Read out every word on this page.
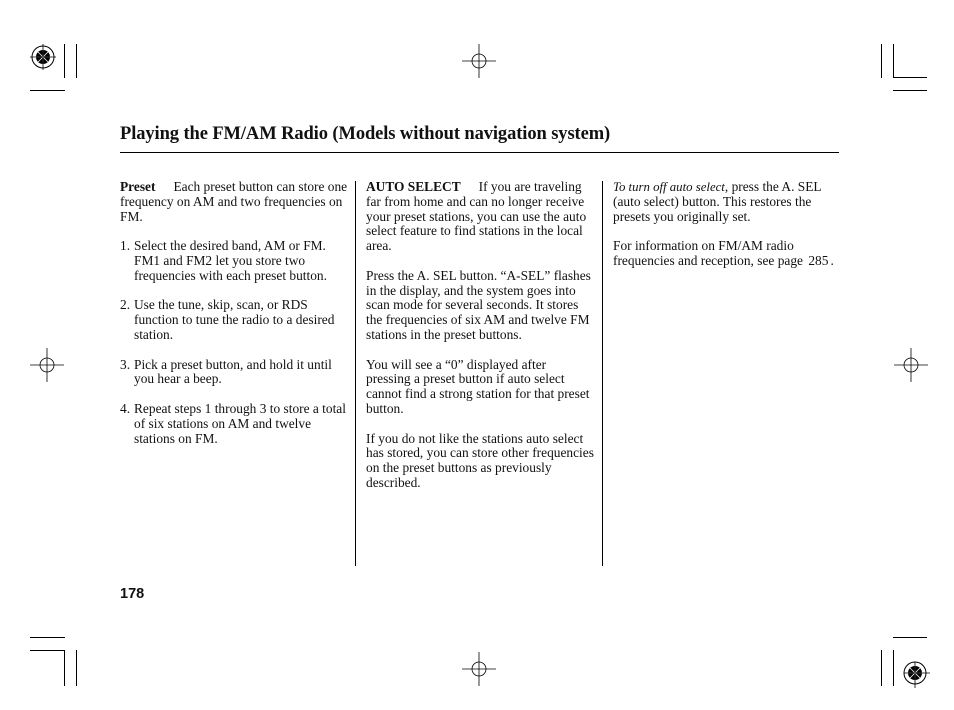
Playing the FM/AM Radio (Models without navigation system)

Preset Each preset button can store one frequency on AM and two frequencies on FM.

1. Select the desired band, AM or FM. FM1 and FM2 let you store two frequencies with each preset button.
2. Use the tune, skip, scan, or RDS function to tune the radio to a desired station.
3. Pick a preset button, and hold it until you hear a beep.
4. Repeat steps 1 through 3 to store a total of six stations on AM and twelve stations on FM.

AUTO SELECT If you are traveling far from home and can no longer receive your preset stations, you can use the auto select feature to find stations in the local area.

Press the A. SEL button. “A-SEL” flashes in the display, and the system goes into scan mode for several seconds. It stores the frequencies of six AM and twelve FM stations in the preset buttons.

You will see a “0” displayed after pressing a preset button if auto select cannot find a strong station for that preset button.

If you do not like the stations auto select has stored, you can store other frequencies on the preset buttons as previously described.

To turn off auto select, press the A. SEL (auto select) button. This restores the presets you originally set.

For information on FM/AM radio frequencies and reception, see page 285 .

178
